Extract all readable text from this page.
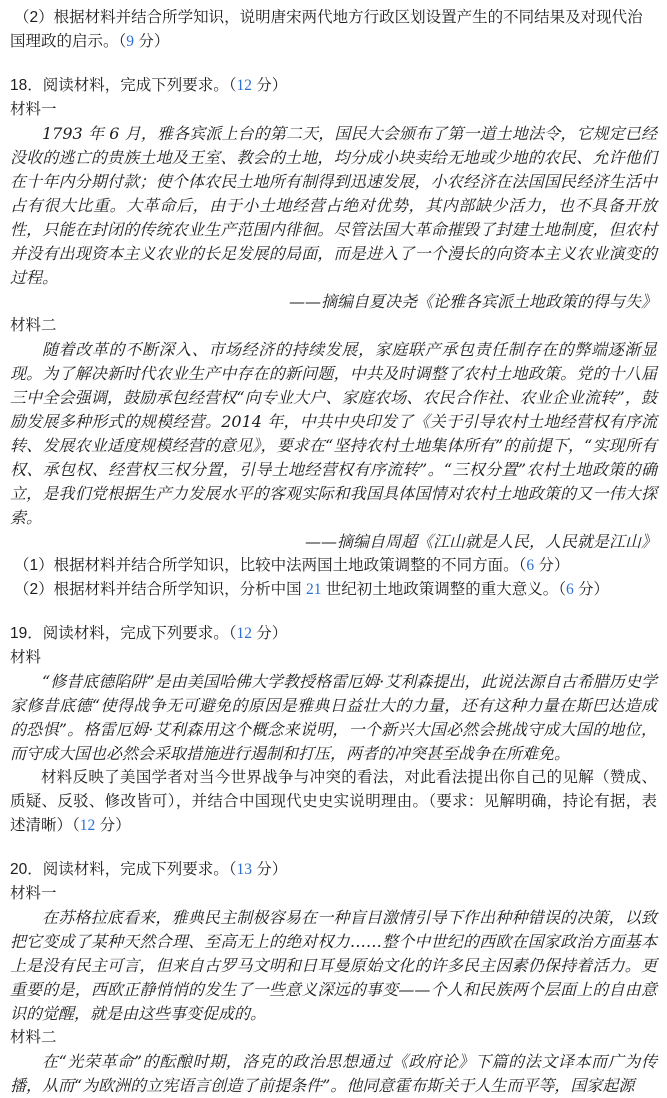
（2）根据材料并结合所学知识，说明唐宋两代地方行政区划设置产生的不同结果及对现代治国理政的启示。（9 分）

18．阅读材料，完成下列要求。（12 分）

材料一

1793 年 6 月，雅各宾派上台的第二天，国民大会颁布了第一道土地法令，它规定已经没收的逃亡的贵族土地及王室、教会的土地，均分成小块卖给无地或少地的农民、允许他们在十年内分期付款；使个体农民土地所有制得到迅速发展，小农经济在法国国民经济生活中占有很大比重。大革命后，由于小土地经营占绝对优势，其内部缺少活力，也不具备开放性，只能在封闭的传统农业生产范围内徘徊。尽管法国大革命摧毁了封建土地制度，但农村并没有出现资本主义农业的长足发展的局面，而是进入了一个漫长的向资本主义农业演变的过程。

——摘编自夏决尧《论雅各宾派土地政策的得与失》

材料二

随着改革的不断深入、市场经济的持续发展，家庭联产承包责任制存在的弊端逐渐显现。为了解决新时代农业生产中存在的新问题，中共及时调整了农村土地政策。党的十八届三中全会强调，鼓励承包经营权“向专业大户、家庭农场、农民合作社、农业企业流转”，鼓励发展多种形式的规模经营。2014 年，中共中央印发了《关于引导农村土地经营权有序流转、发展农业适度规模经营的意见》，要求在“坚持农村土地集体所有”的前提下，“实现所有权、承包权、经营权三权分置，引导土地经营权有序流转”。“三权分置”农村土地政策的确立，是我们党根据生产力发展水平的客观实际和我国具体国情对农村土地政策的又一伟大探索。

——摘编自周超《江山就是人民，人民就是江山》

（1）根据材料并结合所学知识，比较中法两国土地政策调整的不同方面。（6 分）

（2）根据材料并结合所学知识，分析中国 21 世纪初土地政策调整的重大意义。（6 分）

19．阅读材料，完成下列要求。（12 分）

材料

“修昔底德陷阱”是由美国哈佛大学教授格雷厄姆·艾利森提出，此说法源自古希腊历史学家修昔底德“使得战争无可避免的原因是雅典日益壮大的力量，还有这种力量在斯巴达造成的恐惧”。格雷厄姆·艾利森用这个概念来说明，一个新兴大国必然会挑战守成大国的地位，而守成大国也必然会采取措施进行遏制和打压，两者的冲突甚至战争在所难免。

材料反映了美国学者对当今世界战争与冲突的看法，对此看法提出你自己的见解（赞成、质疑、反驳、修改皆可），并结合中国现代史史实说明理由。（要求：见解明确，持论有据，表述清晰）（12 分）

20．阅读材料，完成下列要求。（13 分）

材料一

在苏格拉底看来，雅典民主制极容易在一种盲目激情引导下作出种种错误的决策，以致把它变成了某种天然合理、至高无上的绝对权力……整个中世纪的西欧在国家政治方面基本上是没有民主可言，但来自古罗马文明和日耳曼原始文化的许多民主因素仍保持着活力。更重要的是，西欧正静悄悄的发生了一些意义深远的事变——个人和民族两个层面上的自由意识的觉醒，就是由这些事变促成的。

材料二

在“光荣革命”的酝酿时期，洛克的政治思想通过《政府论》下篇的法文译本而广为传播，从而“为欧洲的立宪语言创造了前提条件”。他同意霍布斯关于人生而平等，国家起源
